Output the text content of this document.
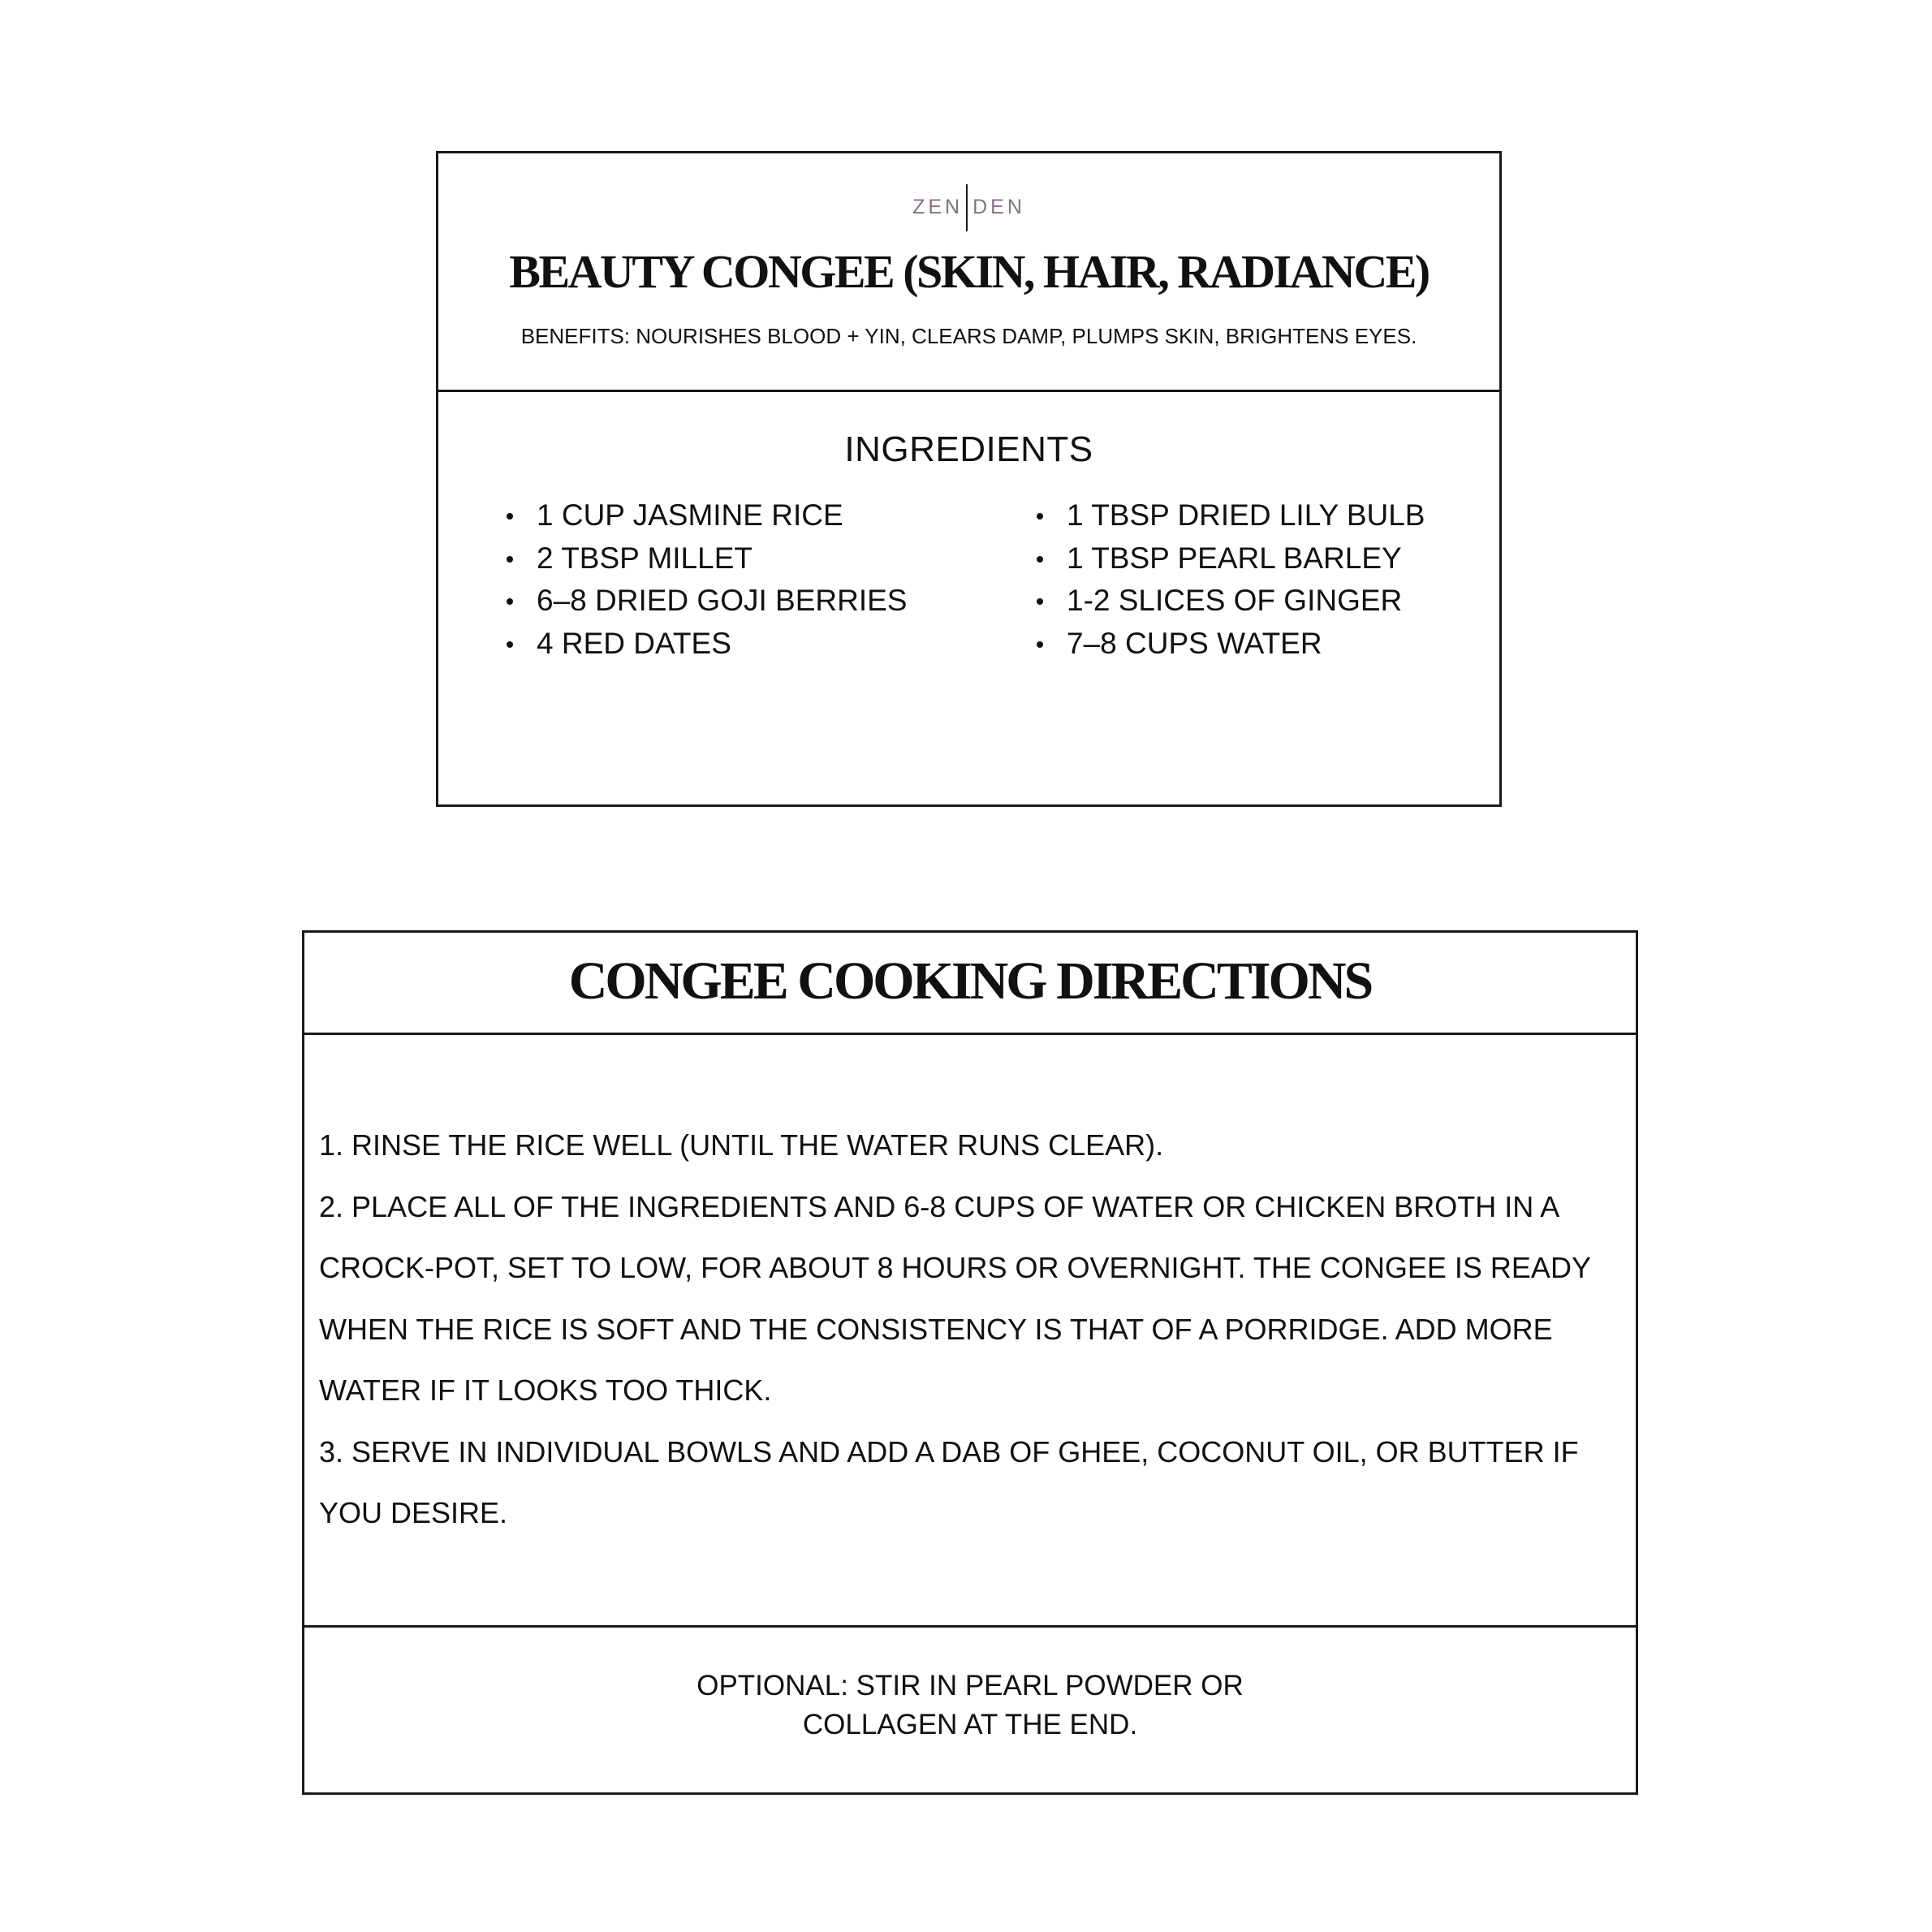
ZEN DEN
BEAUTY CONGEE (SKIN, HAIR, RADIANCE)
BENEFITS: NOURISHES BLOOD + YIN, CLEARS DAMP, PLUMPS SKIN, BRIGHTENS EYES.
INGREDIENTS
1 CUP JASMINE RICE
2 TBSP MILLET
6–8 DRIED GOJI BERRIES
4 RED DATES
1 TBSP DRIED LILY BULB
1 TBSP PEARL BARLEY
1-2 SLICES OF GINGER
7–8 CUPS WATER
CONGEE COOKING DIRECTIONS

1. RINSE THE RICE WELL (UNTIL THE WATER RUNS CLEAR).

2. PLACE ALL OF THE INGREDIENTS AND 6-8 CUPS OF WATER OR CHICKEN BROTH IN A CROCK-POT, SET TO LOW, FOR ABOUT 8 HOURS OR OVERNIGHT. THE CONGEE IS READY WHEN THE RICE IS SOFT AND THE CONSISTENCY IS THAT OF A PORRIDGE. ADD MORE WATER IF IT LOOKS TOO THICK.

3. SERVE IN INDIVIDUAL BOWLS AND ADD A DAB OF GHEE, COCONUT OIL, OR BUTTER IF YOU DESIRE.

OPTIONAL: STIR IN PEARL POWDER OR
COLLAGEN AT THE END.
